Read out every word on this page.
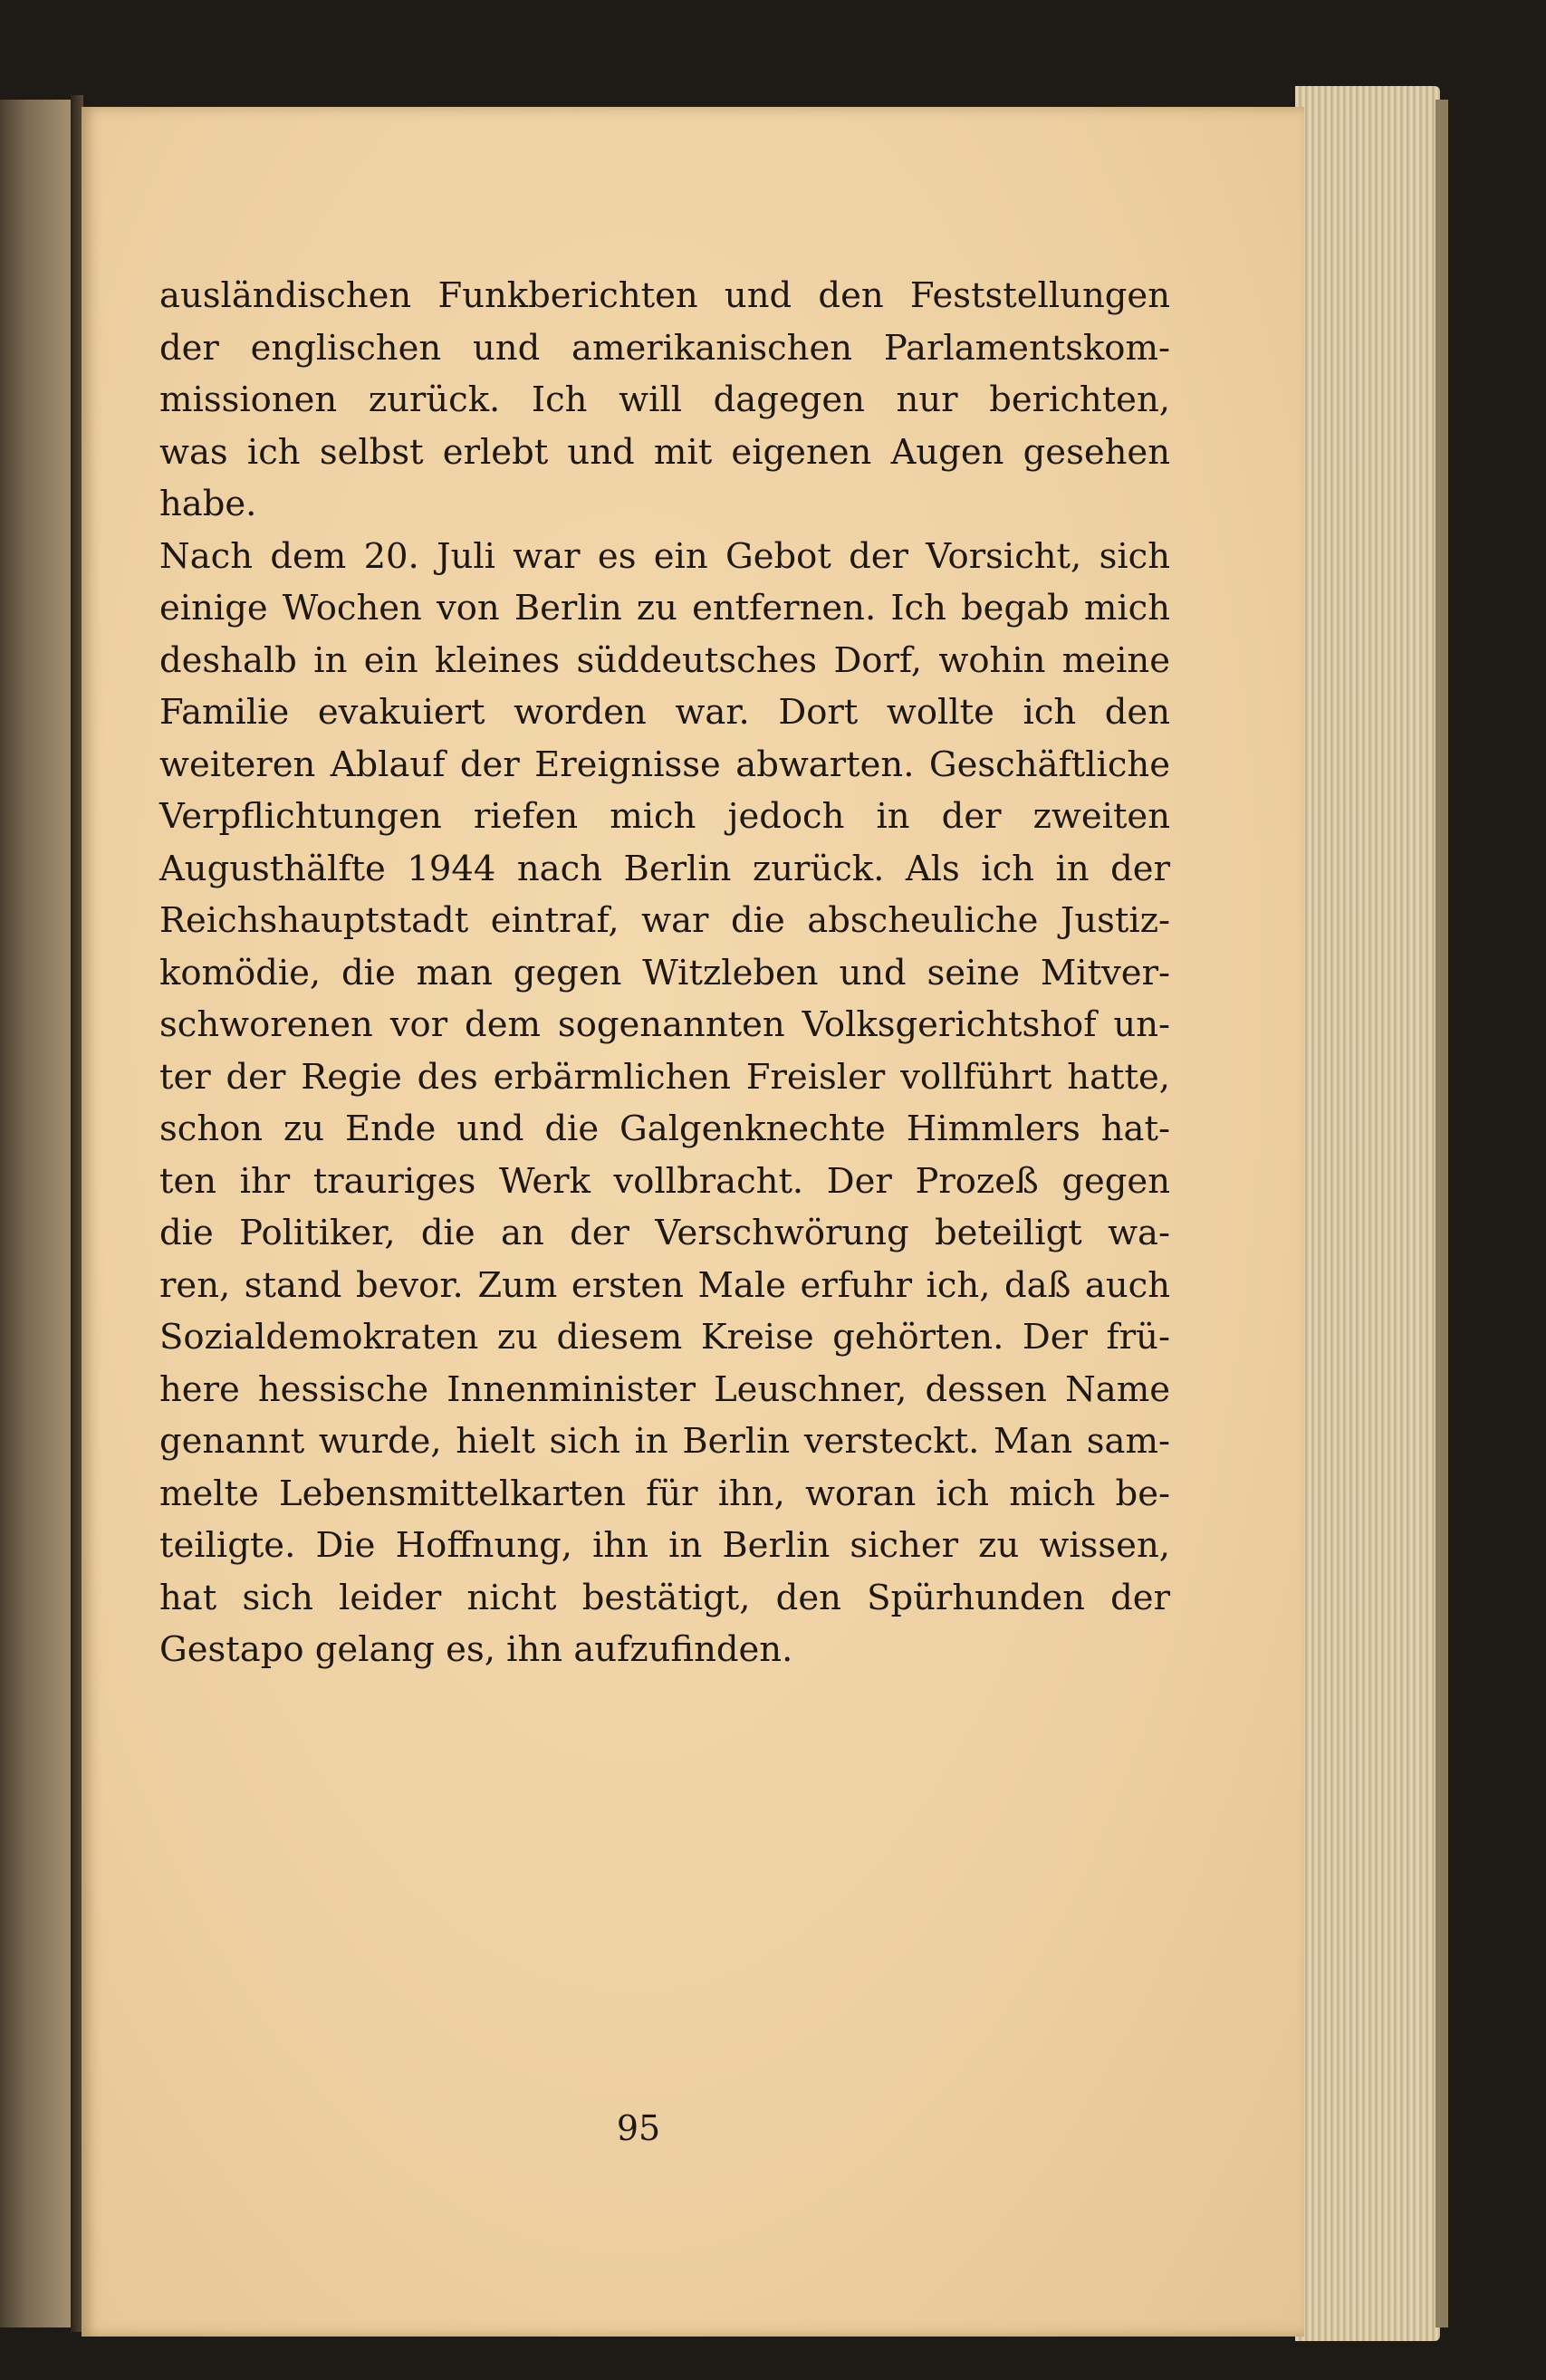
ausländischen Funkberichten und den Feststellungen
der englischen und amerikanischen Parlamentskom-
missionen zurück. Ich will dagegen nur berichten,
was ich selbst erlebt und mit eigenen Augen gesehen
habe.

Nach dem 20. Juli war es ein Gebot der Vorsicht, sich
einige Wochen von Berlin zu entfernen. Ich begab mich
deshalb in ein kleines süddeutsches Dorf, wohin meine
Familie evakuiert worden war. Dort wollte ich den
weiteren Ablauf der Ereignisse abwarten. Geschäftliche
Verpflichtungen riefen mich jedoch in der zweiten
Augusthälfte 1944 nach Berlin zurück. Als ich in der
Reichshauptstadt eintraf, war die abscheuliche Justiz-
komödie, die man gegen Witzleben und seine Mitver-
schworenen vor dem sogenannten Volksgerichtshof un-
ter der Regie des erbärmlichen Freisler vollführt hatte,
schon zu Ende und die Galgenknechte Himmlers hat-
ten ihr trauriges Werk vollbracht. Der Prozeß gegen
die Politiker, die an der Verschwörung beteiligt wa-
ren, stand bevor. Zum ersten Male erfuhr ich, daß auch
Sozialdemokraten zu diesem Kreise gehörten. Der frü-
here hessische Innenminister Leuschner, dessen Name
genannt wurde, hielt sich in Berlin versteckt. Man sam-
melte Lebensmittelkarten für ihn, woran ich mich be-
teiligte. Die Hoffnung, ihn in Berlin sicher zu wissen,
hat sich leider nicht bestätigt, den Spürhunden der
Gestapo gelang es, ihn aufzufinden.

95
